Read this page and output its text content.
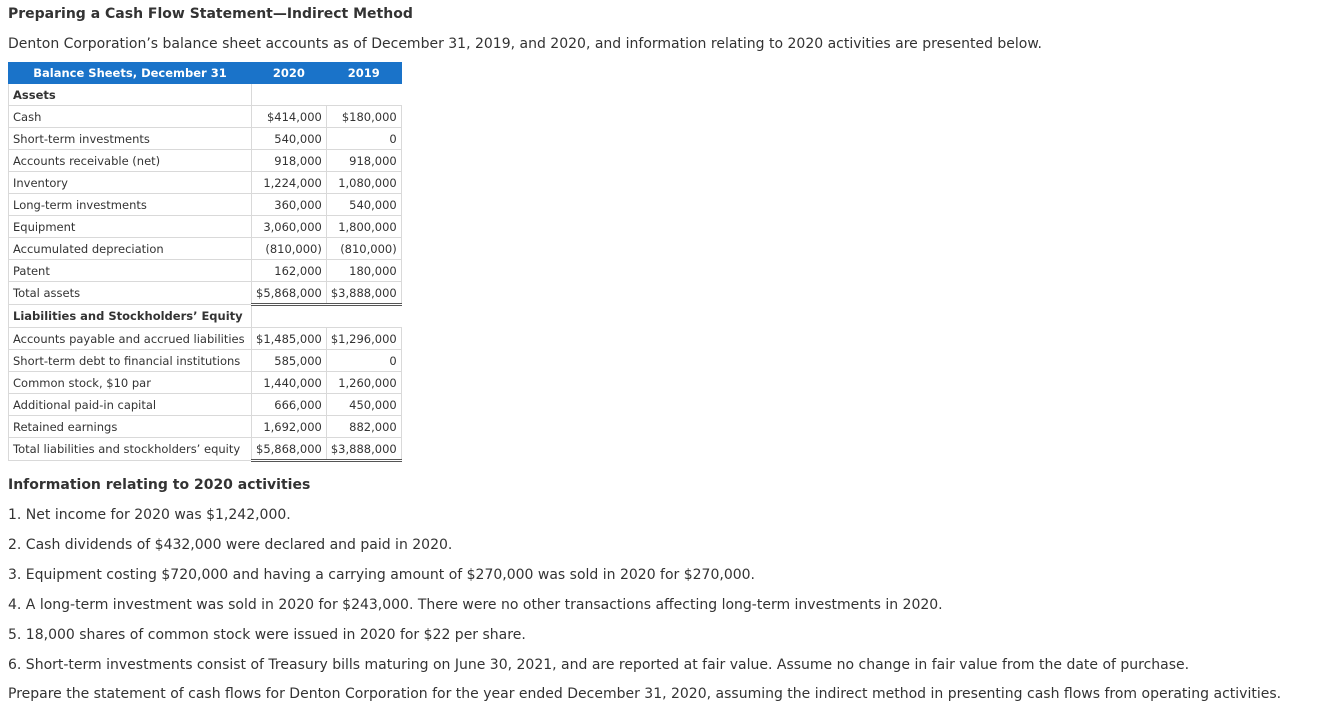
Preparing a Cash Flow Statement—Indirect Method
Denton Corporation’s balance sheet accounts as of December 31, 2019, and 2020, and information relating to 2020 activities are presented below.
Balance Sheets, December 31	2020	2019
Assets		
Cash	$414,000	$180,000
Short-term investments	540,000	0
Accounts receivable (net)	918,000	918,000
Inventory	1,224,000	1,080,000
Long-term investments	360,000	540,000
Equipment	3,060,000	1,800,000
Accumulated depreciation	(810,000)	(810,000)
Patent	162,000	180,000
Total assets	$5,868,000	$3,888,000
Liabilities and Stockholders’ Equity		
Accounts payable and accrued liabilities	$1,485,000	$1,296,000
Short-term debt to financial institutions	585,000	0
Common stock, $10 par	1,440,000	1,260,000
Additional paid-in capital	666,000	450,000
Retained earnings	1,692,000	882,000
Total liabilities and stockholders’ equity	$5,868,000	$3,888,000
Information relating to 2020 activities
1. Net income for 2020 was $1,242,000.
2. Cash dividends of $432,000 were declared and paid in 2020.
3. Equipment costing $720,000 and having a carrying amount of $270,000 was sold in 2020 for $270,000.
4. A long-term investment was sold in 2020 for $243,000. There were no other transactions affecting long-term investments in 2020.
5. 18,000 shares of common stock were issued in 2020 for $22 per share.
6. Short-term investments consist of Treasury bills maturing on June 30, 2021, and are reported at fair value. Assume no change in fair value from the date of purchase.
Prepare the statement of cash flows for Denton Corporation for the year ended December 31, 2020, assuming the indirect method in presenting cash flows from operating activities.
